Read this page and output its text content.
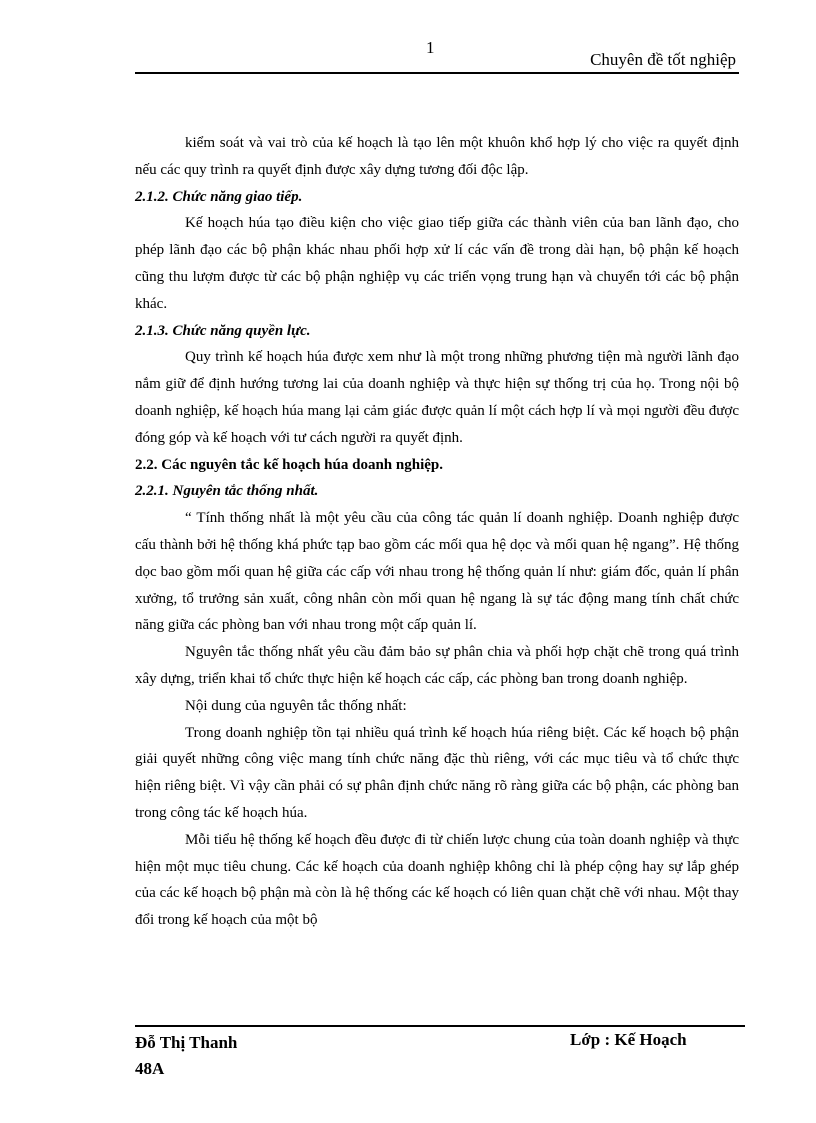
1
Chuyên đề tốt nghiệp

kiểm soát và vai trò của kế hoạch là tạo lên một khuôn khổ hợp lý cho việc ra quyết định nếu các quy trình ra quyết định được xây dựng tương đối độc lập.

2.1.2. Chức năng giao tiếp.

Kế hoạch húa tạo điều kiện cho việc giao tiếp giữa các thành viên của ban lãnh đạo, cho phép lãnh đạo các bộ phận khác nhau phối hợp xử lí các vấn đề trong dài hạn, bộ phận kế hoạch cũng thu lượm được từ các bộ phận nghiệp vụ các triển vọng trung hạn và chuyển tới các bộ phận khác.

2.1.3. Chức năng quyền lực.

Quy trình kế hoạch húa được xem như là một trong những phương tiện mà người lãnh đạo nắm giữ để định hướng tương lai của doanh nghiệp và thực hiện sự thống trị của họ. Trong nội bộ doanh nghiệp, kế hoạch húa mang lại cảm giác được quản lí một cách hợp lí và mọi người đều được đóng góp và kế hoạch với tư cách người ra quyết định.

2.2. Các nguyên tắc kế hoạch húa doanh nghiệp.

2.2.1. Nguyên tắc thống nhất.

“ Tính thống nhất là một yêu cầu của công tác quản lí doanh nghiệp. Doanh nghiệp được cấu thành bởi hệ thống khá phức tạp bao gồm các mối qua hệ dọc và mối quan hệ ngang”. Hệ thống dọc bao gồm mối quan hệ giữa các cấp với nhau trong hệ thống quản lí như: giám đốc, quản lí phân xưởng, tổ trưởng sản xuất, công nhân còn mối quan hệ ngang là sự tác động mang tính chất chức năng giữa các phòng ban với nhau trong một cấp quản lí.

Nguyên tắc thống nhất yêu cầu đảm bảo sự phân chia và phối hợp chặt chẽ trong quá trình xây dựng, triển khai tổ chức thực hiện kế hoạch các cấp, các phòng ban trong doanh nghiệp.

Nội dung của nguyên tắc thống nhất:

Trong doanh nghiệp tồn tại nhiều quá trình kế hoạch húa riêng biệt. Các kế hoạch bộ phận giải quyết những công việc mang tính chức năng đặc thù riêng, với các mục tiêu và tổ chức thực hiện riêng biệt. Vì vậy cần phải có sự phân định chức năng rõ ràng giữa các bộ phận, các phòng ban trong công tác kế hoạch húa.

Mỗi tiểu hệ thống kế hoạch đều được đi từ chiến lược chung của toàn doanh nghiệp và thực hiện một mục tiêu chung. Các kế hoạch của doanh nghiệp không chỉ là phép cộng hay sự lắp ghép của các kế hoạch bộ phận mà còn là hệ thống các kế hoạch có liên quan chặt chẽ với nhau. Một thay đổi trong kế hoạch của một bộ

Đỗ Thị Thanh
48A
Lớp : Kế Hoạch
